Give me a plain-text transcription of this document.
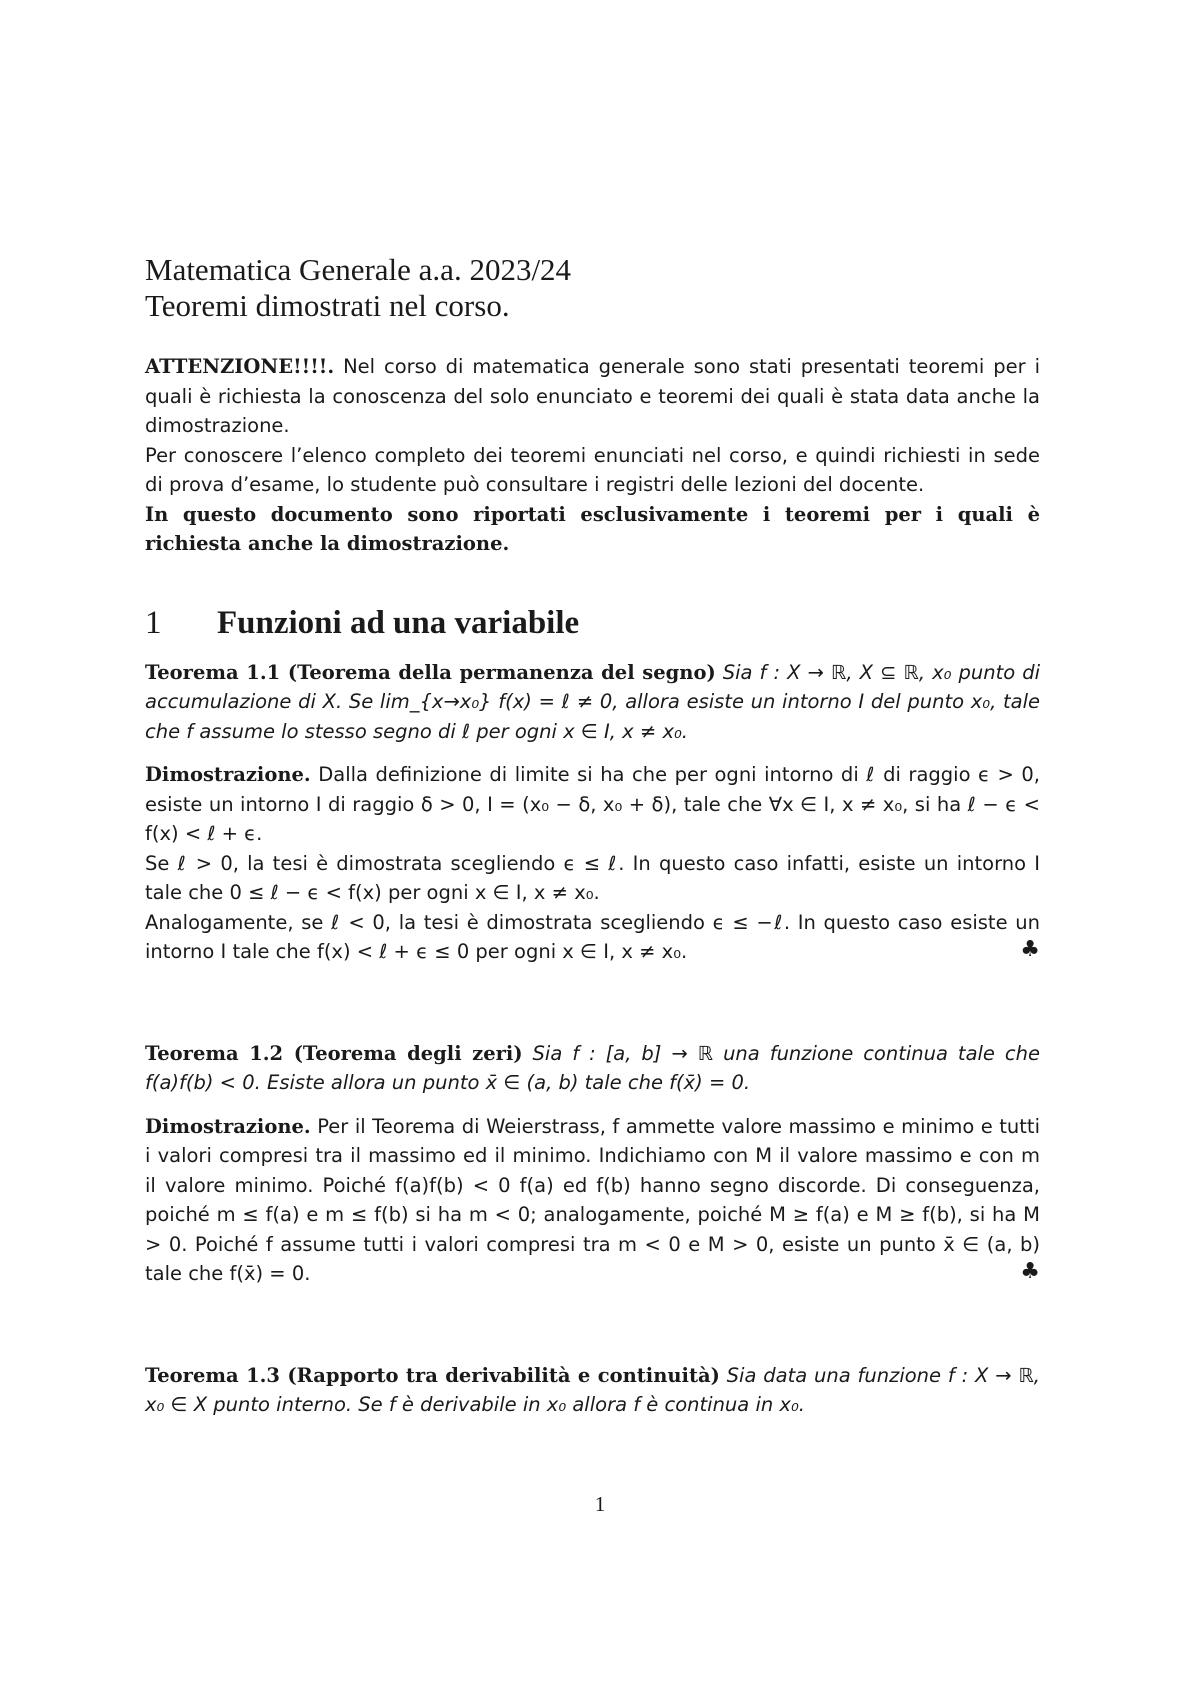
Matematica Generale a.a. 2023/24
Teoremi dimostrati nel corso.
ATTENZIONE!!!!. Nel corso di matematica generale sono stati presentati teoremi per i quali è richiesta la conoscenza del solo enunciato e teoremi dei quali è stata data anche la dimostrazione.
Per conoscere l’elenco completo dei teoremi enunciati nel corso, e quindi richiesti in sede di prova d’esame, lo studente può consultare i registri delle lezioni del docente.
In questo documento sono riportati esclusivamente i teoremi per i quali è richiesta anche la dimostrazione.
1	Funzioni ad una variabile

Teorema 1.1 (Teorema della permanenza del segno) Sia f : X → ℝ, X ⊆ ℝ, x₀ punto di accumulazione di X. Se lim_{x→x₀} f(x) = ℓ ≠ 0, allora esiste un intorno I del punto x₀, tale che f assume lo stesso segno di ℓ per ogni x ∈ I, x ≠ x₀.

Dimostrazione. Dalla definizione di limite si ha che per ogni intorno di ℓ di raggio ϵ > 0, esiste un intorno I di raggio δ > 0, I = (x₀ − δ, x₀ + δ), tale che ∀x ∈ I, x ≠ x₀, si ha ℓ − ϵ < f(x) < ℓ + ϵ.
Se ℓ > 0, la tesi è dimostrata scegliendo ϵ ≤ ℓ. In questo caso infatti, esiste un intorno I tale che 0 ≤ ℓ − ϵ < f(x) per ogni x ∈ I, x ≠ x₀.
Analogamente, se ℓ < 0, la tesi è dimostrata scegliendo ϵ ≤ −ℓ. In questo caso esiste un intorno I tale che f(x) < ℓ + ϵ ≤ 0 per ogni x ∈ I, x ≠ x₀.	♣

Teorema 1.2 (Teorema degli zeri) Sia f : [a, b] → ℝ una funzione continua tale che f(a)f(b) < 0. Esiste allora un punto x̄ ∈ (a, b) tale che f(x̄) = 0.

Dimostrazione. Per il Teorema di Weierstrass, f ammette valore massimo e minimo e tutti i valori compresi tra il massimo ed il minimo. Indichiamo con M il valore massimo e con m il valore minimo. Poiché f(a)f(b) < 0 f(a) ed f(b) hanno segno discorde. Di conseguenza, poiché m ≤ f(a) e m ≤ f(b) si ha m < 0; analogamente, poiché M ≥ f(a) e M ≥ f(b), si ha M > 0. Poiché f assume tutti i valori compresi tra m < 0 e M > 0, esiste un punto x̄ ∈ (a, b) tale che f(x̄) = 0.	♣

Teorema 1.3 (Rapporto tra derivabilità e continuità) Sia data una funzione f : X → ℝ, x₀ ∈ X punto interno. Se f è derivabile in x₀ allora f è continua in x₀.

1
